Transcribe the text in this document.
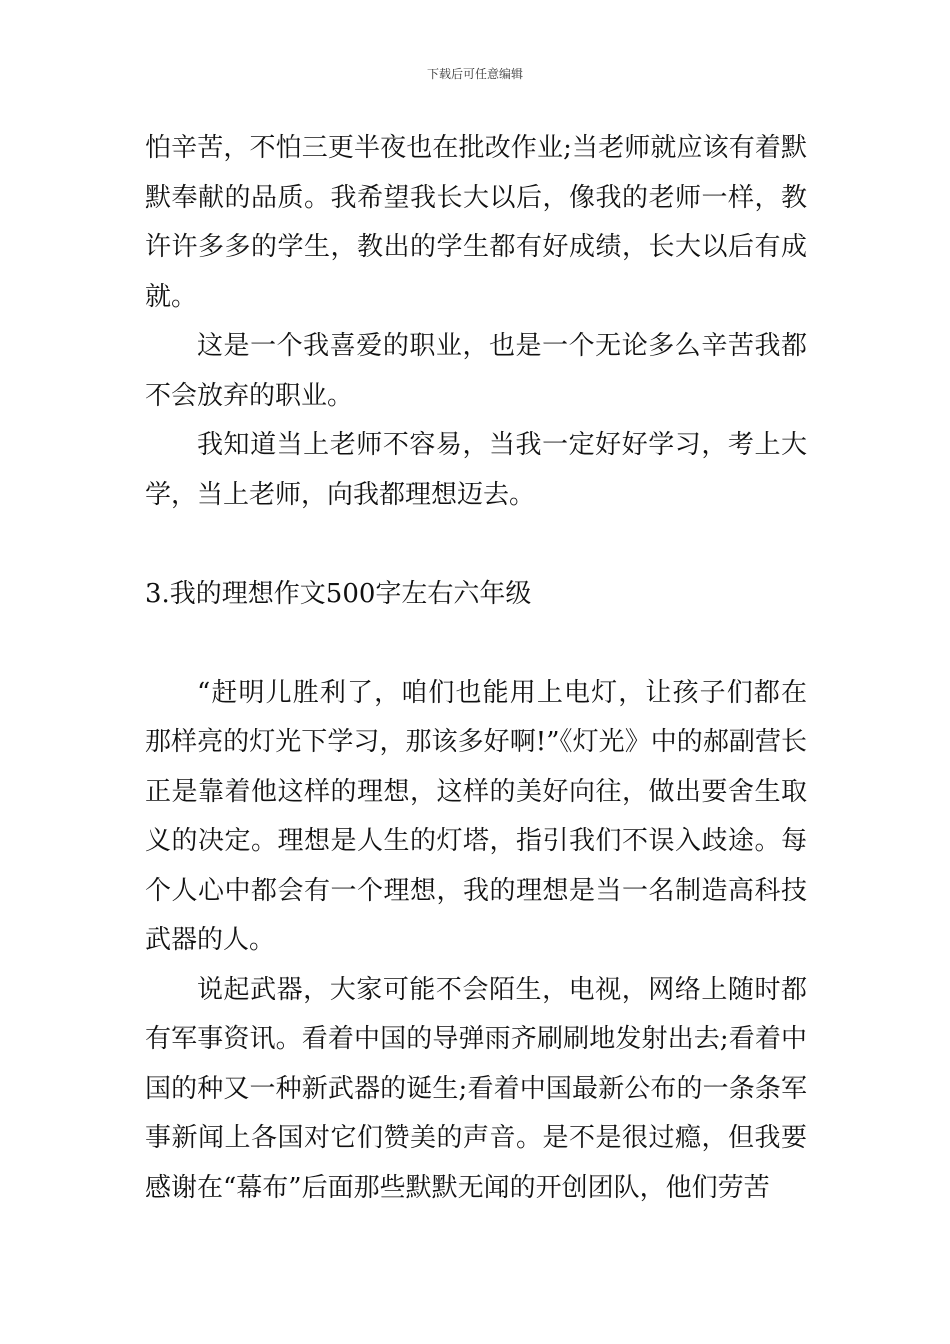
下载后可任意编辑

怕辛苦，不怕三更半夜也在批改作业;当老师就应该有着默默奉献的品质。我希望我长大以后，像我的老师一样，教许许多多的学生，教出的学生都有好成绩，长大以后有成就。

这是一个我喜爱的职业，也是一个无论多么辛苦我都不会放弃的职业。

我知道当上老师不容易，当我一定好好学习，考上大学，当上老师，向我都理想迈去。

3.我的理想作文500字左右六年级

“赶明儿胜利了，咱们也能用上电灯，让孩子们都在那样亮的灯光下学习，那该多好啊!”《灯光》中的郝副营长正是靠着他这样的理想，这样的美好向往，做出要舍生取义的决定。理想是人生的灯塔，指引我们不误入歧途。每个人心中都会有一个理想，我的理想是当一名制造高科技武器的人。

说起武器，大家可能不会陌生，电视，网络上随时都有军事资讯。看着中国的导弹雨齐刷刷地发射出去;看着中国的种又一种新武器的诞生;看着中国最新公布的一条条军事新闻上各国对它们赞美的声音。是不是很过瘾，但我要感谢在“幕布”后面那些默默无闻的开创团队，他们劳苦
